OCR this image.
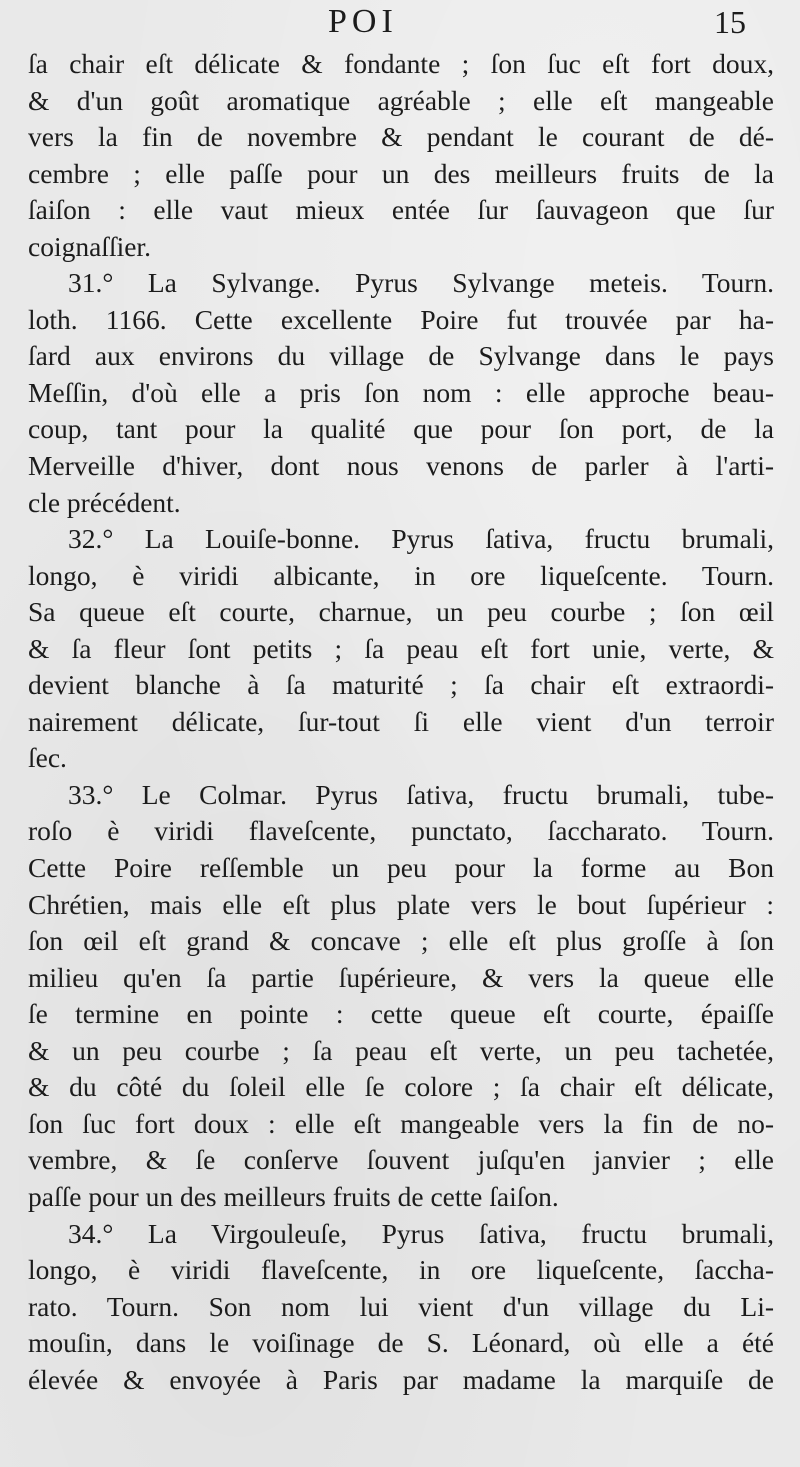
POI	15
ſa chair eſt délicate & fondante ; ſon ſuc eſt fort doux,
& d'un goût aromatique agréable ; elle eſt mangeable
vers la fin de novembre & pendant le courant de dé-
cembre ; elle paſſe pour un des meilleurs fruits de la
ſaiſon : elle vaut mieux entée ſur ſauvageon que ſur
coignaſſier.
31.° La Sylvange. Pyrus Sylvange meteis. Tourn.
loth. 1166. Cette excellente Poire fut trouvée par ha-
ſard aux environs du village de Sylvange dans le pays
Meſſin, d'où elle a pris ſon nom : elle approche beau-
coup, tant pour la qualité que pour ſon port, de la
Merveille d'hiver, dont nous venons de parler à l'arti-
cle précédent.
32.° La Louiſe-bonne. Pyrus ſativa, fructu brumali,
longo, è viridi albicante, in ore liqueſcente. Tourn.
Sa queue eſt courte, charnue, un peu courbe ; ſon œil
& ſa fleur ſont petits ; ſa peau eſt fort unie, verte, &
devient blanche à ſa maturité ; ſa chair eſt extraordi-
nairement délicate, ſur-tout ſi elle vient d'un terroir
ſec.
33.° Le Colmar. Pyrus ſativa, fructu brumali, tube-
roſo è viridi flaveſcente, punctato, ſaccharato. Tourn.
Cette Poire reſſemble un peu pour la forme au Bon
Chrétien, mais elle eſt plus plate vers le bout ſupérieur :
ſon œil eſt grand & concave ; elle eſt plus groſſe à ſon
milieu qu'en ſa partie ſupérieure, & vers la queue elle
ſe termine en pointe : cette queue eſt courte, épaiſſe
& un peu courbe ; ſa peau eſt verte, un peu tachetée,
& du côté du ſoleil elle ſe colore ; ſa chair eſt délicate,
ſon ſuc fort doux : elle eſt mangeable vers la fin de no-
vembre, & ſe conſerve ſouvent juſqu'en janvier ; elle
paſſe pour un des meilleurs fruits de cette ſaiſon.
34.° La Virgouleuſe, Pyrus ſativa, fructu brumali,
longo, è viridi flaveſcente, in ore liqueſcente, ſaccha-
rato. Tourn. Son nom lui vient d'un village du Li-
mouſin, dans le voiſinage de S. Léonard, où elle a été
élevée & envoyée à Paris par madame la marquiſe de
